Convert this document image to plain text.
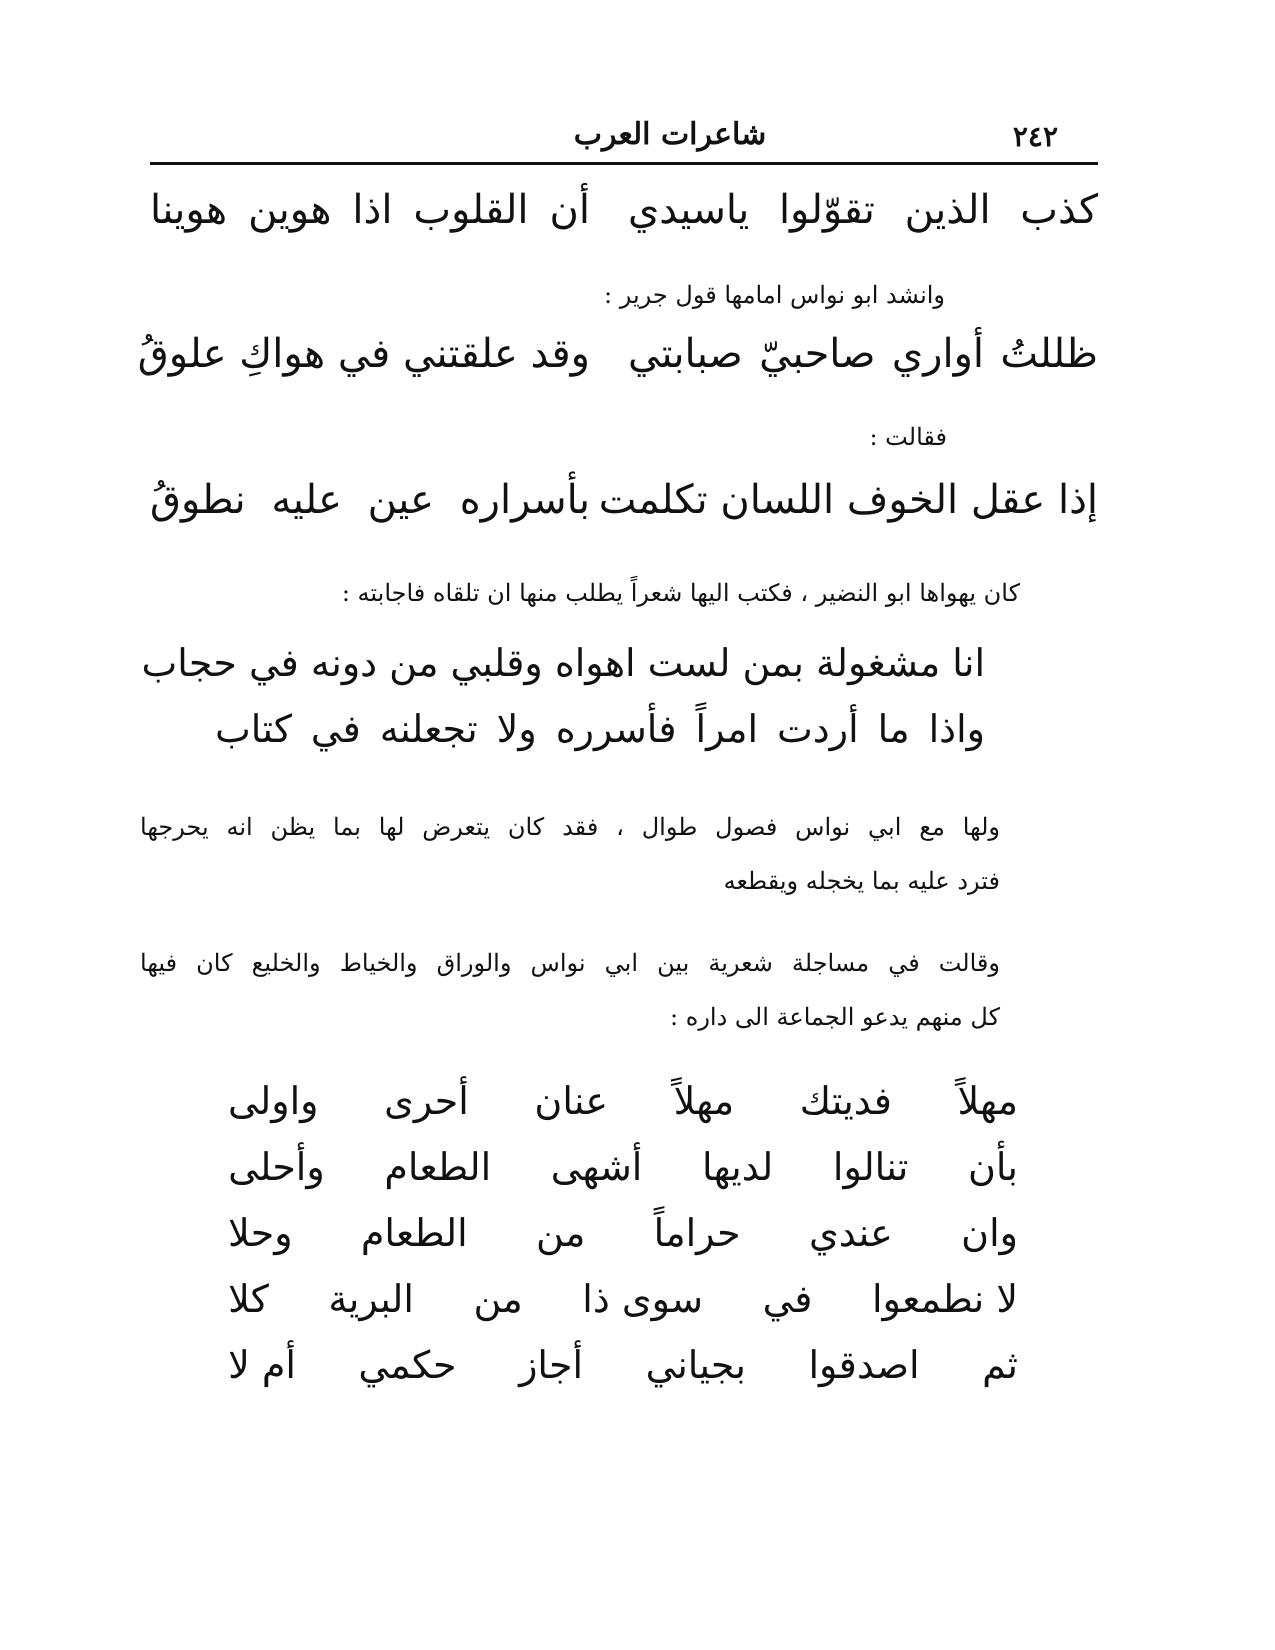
شاعرات العرب	٢٤٢
كذب الذين تقوّلوا ياسيدي
أن القلوب اذا هوين هوينا
وانشد ابو نواس امامها قول جرير :
ظللتُ أواري صاحبيّ صبابتي
وقد علقتني في هواكِ علوقُ
فقالت :
إذا عقل الخوف اللسان تكلمت
بأسراره عين عليه نطوقُ
كان يهواها ابو النضير ، فكتب اليها شعراً يطلب منها ان تلقاه فاجابته :
انا مشغولة بمن لست اهواه وقلبي من دونه في حجاب
واذا ما أردت امراً فأسرره ولا تجعلنه في كتاب
ولها مع ابي نواس فصول طوال ، فقد كان يتعرض لها بما يظن انه يحرجها
فترد عليه بما يخجله ويقطعه
وقالت في مساجلة شعرية بين ابي نواس والوراق والخياط والخليع كان فيها
كل منهم يدعو الجماعة الى داره :
مهلاً
فديتك
مهلاً
عنان
أحرى
واولى
بأن
تنالوا
لديها
أشهى
الطعام
وأحلى
وان
عندي
حراماً
من
الطعام
وحلا
لا نطمعوا
في
سوى ذا
من
البرية
كلا
ثم
اصدقوا
بجياني
أجاز
حكمي
أم لا
